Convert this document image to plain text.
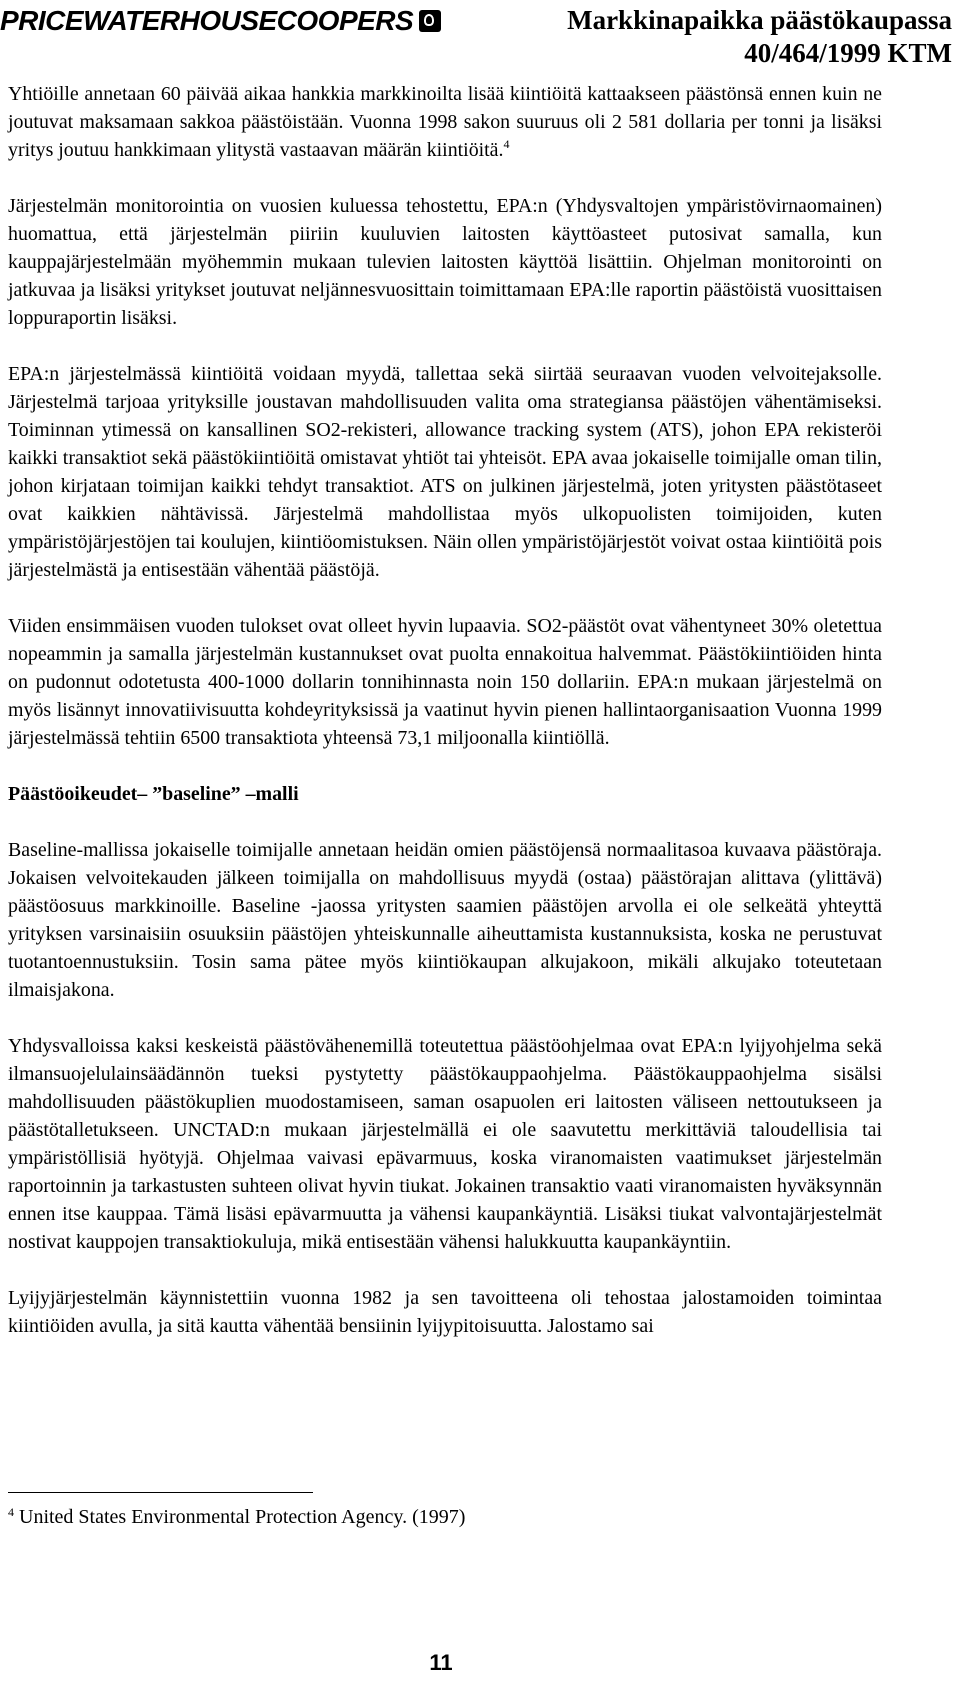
PRICEWATERHOUSECOOPERS	Markkinapaikka päästökaupassa
40/464/1999 KTM

Yhtiöille annetaan 60 päivää aikaa hankkia markkinoilta lisää kiintiöitä kattaakseen päästönsä ennen kuin ne joutuvat maksamaan sakkoa päästöistään. Vuonna 1998 sakon suuruus oli 2 581 dollaria per tonni ja lisäksi yritys joutuu hankkimaan ylitystä vastaavan määrän kiintiöitä.$^4$

Järjestelmän monitorointia on vuosien kuluessa tehostettu, EPA:n (Yhdysvaltojen ympäristövirnaomainen) huomattua, että järjestelmän piiriin kuuluvien laitosten käyttöasteet putosivat samalla, kun kauppajärjestelmään myöhemmin mukaan tulevien laitosten käyttöä lisättiin. Ohjelman monitorointi on jatkuvaa ja lisäksi yritykset joutuvat neljännesvuosittain toimittamaan EPA:lle raportin päästöistä vuosittaisen loppuraportin lisäksi.

EPA:n järjestelmässä kiintiöitä voidaan myydä, tallettaa sekä siirtää seuraavan vuoden velvoitejaksolle. Järjestelmä tarjoaa yrityksille joustavan mahdollisuuden valita oma strategiansa päästöjen vähentämiseksi. Toiminnan ytimessä on kansallinen SO2-rekisteri, allowance tracking system (ATS), johon EPA rekisteröi kaikki transaktiot sekä päästökiintiöitä omistavat yhtiöt tai yhteisöt. EPA avaa jokaiselle toimijalle oman tilin, johon kirjataan toimijan kaikki tehdyt transaktiot. ATS on julkinen järjestelmä, joten yritysten päästötaseet ovat kaikkien nähtävissä. Järjestelmä mahdollistaa myös ulkopuolisten toimijoiden, kuten ympäristöjärjestöjen tai koulujen, kiintiöomistuksen. Näin ollen ympäristöjärjestöt voivat ostaa kiintiöitä pois järjestelmästä ja entisestään vähentää päästöjä.

Viiden ensimmäisen vuoden tulokset ovat olleet hyvin lupaavia. SO2-päästöt ovat vähentyneet 30% oletettua nopeammin ja samalla järjestelmän kustannukset ovat puolta ennakoitua halvemmat. Päästökiintiöiden hinta on pudonnut odotetusta 400-1000 dollarin tonnihinnasta noin 150 dollariin. EPA:n mukaan järjestelmä on myös lisännyt innovatiivisuutta kohdeyrityksissä ja vaatinut hyvin pienen hallintaorganisaation Vuonna 1999 järjestelmässä tehtiin 6500 transaktiota yhteensä 73,1 miljoonalla kiintiöllä.

Päästöoikeudet– ”baseline” –malli

Baseline-mallissa jokaiselle toimijalle annetaan heidän omien päästöjensä normaalitasoa kuvaava päästöraja. Jokaisen velvoitekauden jälkeen toimijalla on mahdollisuus myydä (ostaa) päästörajan alittava (ylittävä) päästöosuus markkinoille. Baseline -jaossa yritysten saamien päästöjen arvolla ei ole selkeätä yhteyttä yrityksen varsinaisiin osuuksiin päästöjen yhteiskunnalle aiheuttamista kustannuksista, koska ne perustuvat tuotantoennustuksiin. Tosin sama pätee myös kiintiökaupan alkujakoon, mikäli alkujako toteutetaan ilmaisjakona.

Yhdysvalloissa kaksi keskeistä päästövähenemillä toteutettua päästöohjelmaa ovat EPA:n lyijyohjelma sekä ilmansuojelulainsäädännön tueksi pystytetty päästökauppaohjelma. Päästökauppaohjelma sisälsi mahdollisuuden päästökuplien muodostamiseen, saman osapuolen eri laitosten väliseen nettoutukseen ja päästötalletukseen. UNCTAD:n mukaan järjestelmällä ei ole saavutettu merkittäviä taloudellisia tai ympäristöllisiä hyötyjä. Ohjelmaa vaivasi epävarmuus, koska viranomaisten vaatimukset järjestelmän raportoinnin ja tarkastusten suhteen olivat hyvin tiukat. Jokainen transaktio vaati viranomaisten hyväksynnän ennen itse kauppaa. Tämä lisäsi epävarmuutta ja vähensi kaupankäyntiä. Lisäksi tiukat valvontajärjestelmät nostivat kauppojen transaktiokuluja, mikä entisestään vähensi halukkuutta kaupankäyntiin.

Lyijyjärjestelmän käynnistettiin vuonna 1982 ja sen tavoitteena oli tehostaa jalostamoiden toimintaa kiintiöiden avulla, ja sitä kautta vähentää bensiinin lyijypitoisuutta. Jalostamo sai

$^4$ United States Environmental Protection Agency. (1997)
11
